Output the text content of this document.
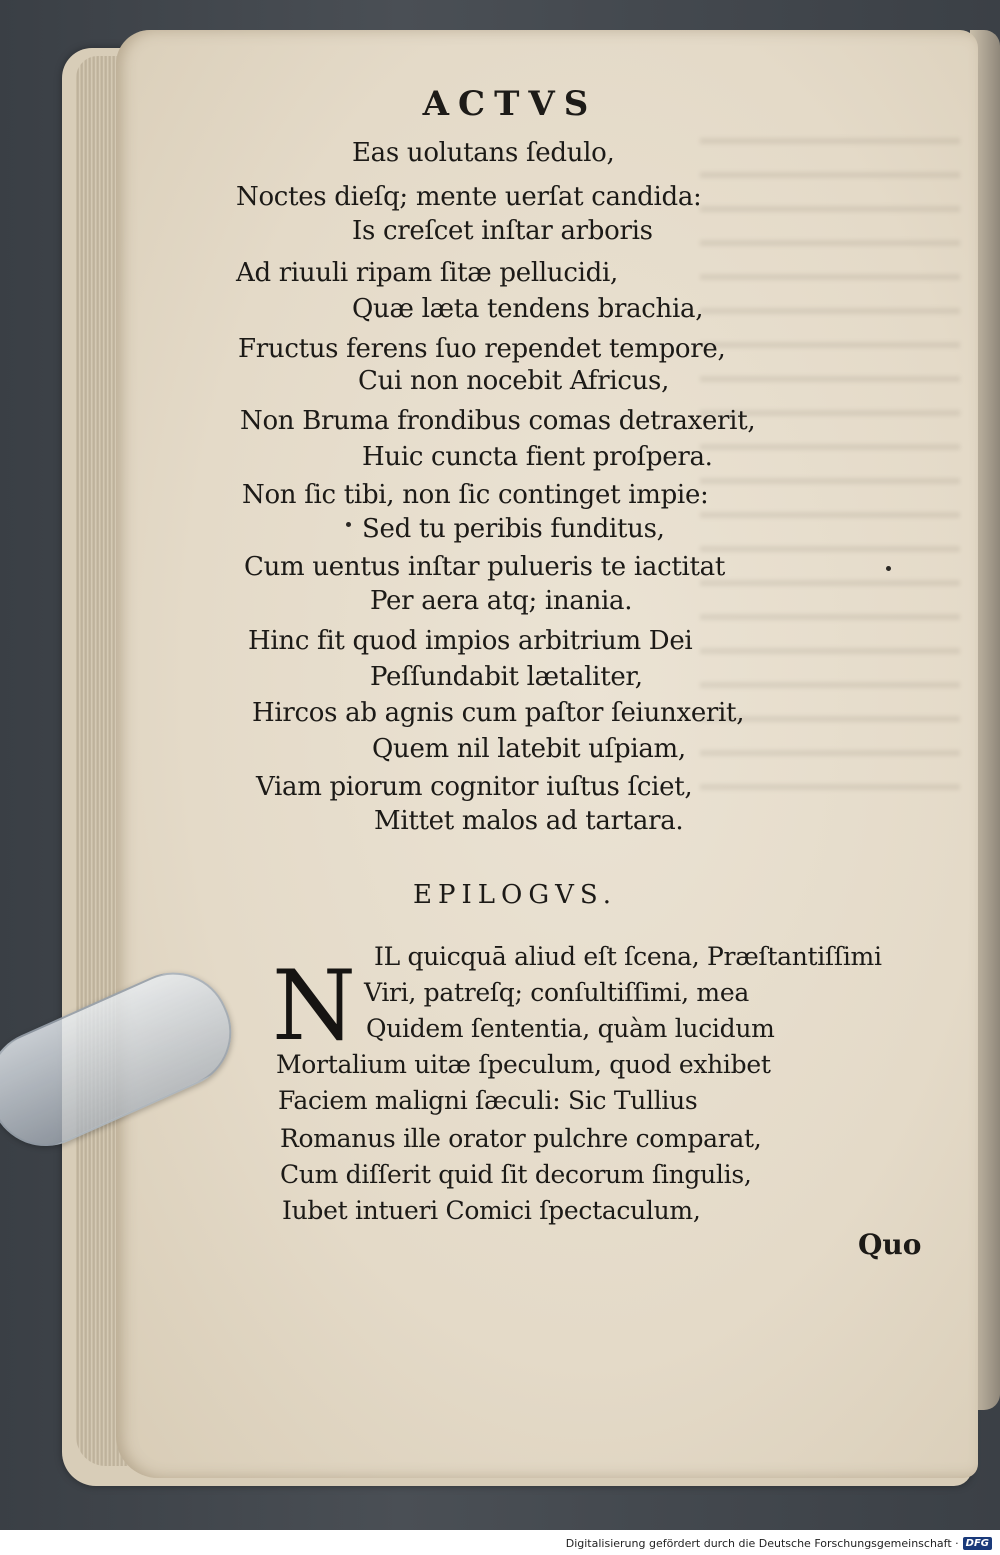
ACTVS
Eas uolutans ſedulo,
Noctes dieſq; mente uerſat candida:
Is creſcet inſtar arboris
Ad riuuli ripam ſitæ pellucidi,
Quæ læta tendens brachia,
Fructus ferens ſuo rependet tempore,
Cui non nocebit Africus,
Non Bruma frondibus comas detraxerit,
Huic cuncta fient proſpera.
Non ſic tibi, non ſic continget impie:
Sed tu peribis funditus,
Cum uentus inſtar pulueris te iactitat
Per aera atq; inania.
Hinc fit quod impios arbitrium Dei
Peſſundabit lætaliter,
Hircos ab agnis cum paſtor ſeiunxerit,
Quem nil latebit uſpiam,
Viam piorum cognitor iuſtus ſciet,
Mittet malos ad tartara.
EPILOGVS.
N IL quicquā aliud eſt ſcena, Præſtantiſſimi
Viri, patreſq; conſultiſſimi, mea
Quidem ſententia, quàm lucidum
Mortalium uitæ ſpeculum, quod exhibet
Faciem maligni ſæculi: Sic Tullius
Romanus ille orator pulchre comparat,
Cum diſſerit quid ſit decorum ſingulis,
Iubet intueri Comici ſpectaculum,
Quo
Digitalisierung gefördert durch die Deutsche Forschungsgemeinschaft · DFG
